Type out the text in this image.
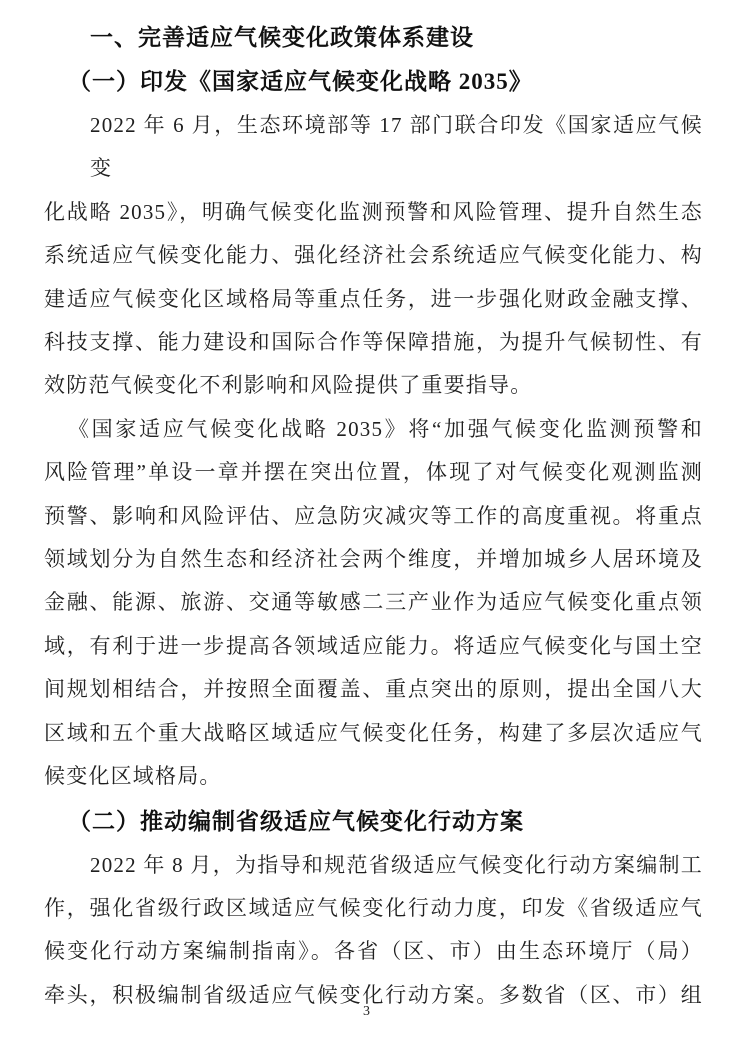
一、完善适应气候变化政策体系建设
（一）印发《国家适应气候变化战略 2035》
2022 年 6 月，生态环境部等 17 部门联合印发《国家适应气候变
化战略 2035》，明确气候变化监测预警和风险管理、提升自然生态
系统适应气候变化能力、强化经济社会系统适应气候变化能力、构
建适应气候变化区域格局等重点任务，进一步强化财政金融支撑、
科技支撑、能力建设和国际合作等保障措施，为提升气候韧性、有
效防范气候变化不利影响和风险提供了重要指导。
《国家适应气候变化战略 2035》将“加强气候变化监测预警和
风险管理”单设一章并摆在突出位置，体现了对气候变化观测监测
预警、影响和风险评估、应急防灾减灾等工作的高度重视。将重点
领域划分为自然生态和经济社会两个维度，并增加城乡人居环境及
金融、能源、旅游、交通等敏感二三产业作为适应气候变化重点领
域，有利于进一步提高各领域适应能力。将适应气候变化与国土空
间规划相结合，并按照全面覆盖、重点突出的原则，提出全国八大
区域和五个重大战略区域适应气候变化任务，构建了多层次适应气
候变化区域格局。
（二）推动编制省级适应气候变化行动方案
2022 年 8 月，为指导和规范省级适应气候变化行动方案编制工
作，强化省级行政区域适应气候变化行动力度，印发《省级适应气
候变化行动方案编制指南》。各省（区、市）由生态环境厅（局）
牵头，积极编制省级适应气候变化行动方案。多数省（区、市）组
3
